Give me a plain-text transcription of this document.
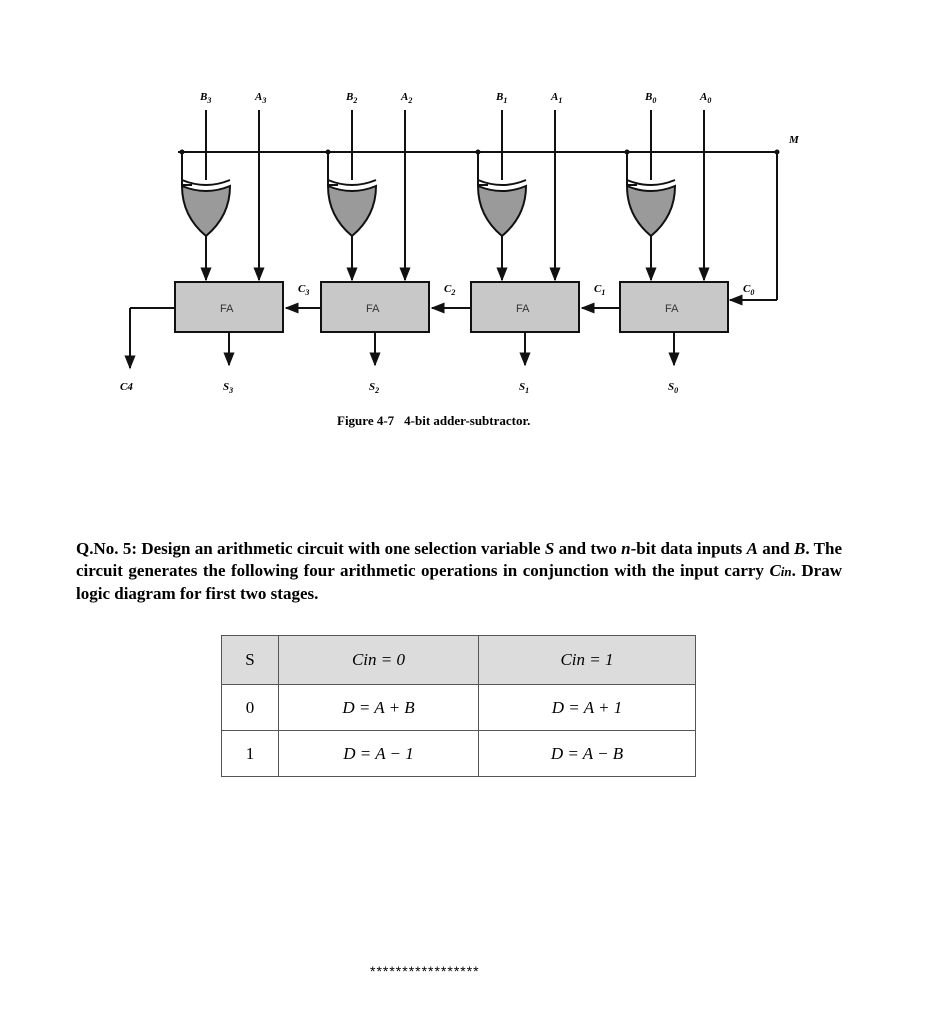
M
C4
$B_3$	$A_3$
FA
$S_3$
$C_3$
$B_2$	$A_2$
FA
$S_2$
$C_2$
$B_1$	$A_1$
FA
$S_1$
$C_1$
$B_0$	$A_0$
FA
$S_0$
$C_0$
Figure 4-7 4-bit adder-subtractor.
Q.No. 5: Design an arithmetic circuit with one selection variable S and two n-bit data inputs A and B. The circuit generates the following four arithmetic operations in conjunction with the input carry Cin. Draw logic diagram for first two stages.
S	Cin = 0	Cin = 1
0	D = A + B	D = A + 1
1	D = A − 1	D = A − B
*****************
